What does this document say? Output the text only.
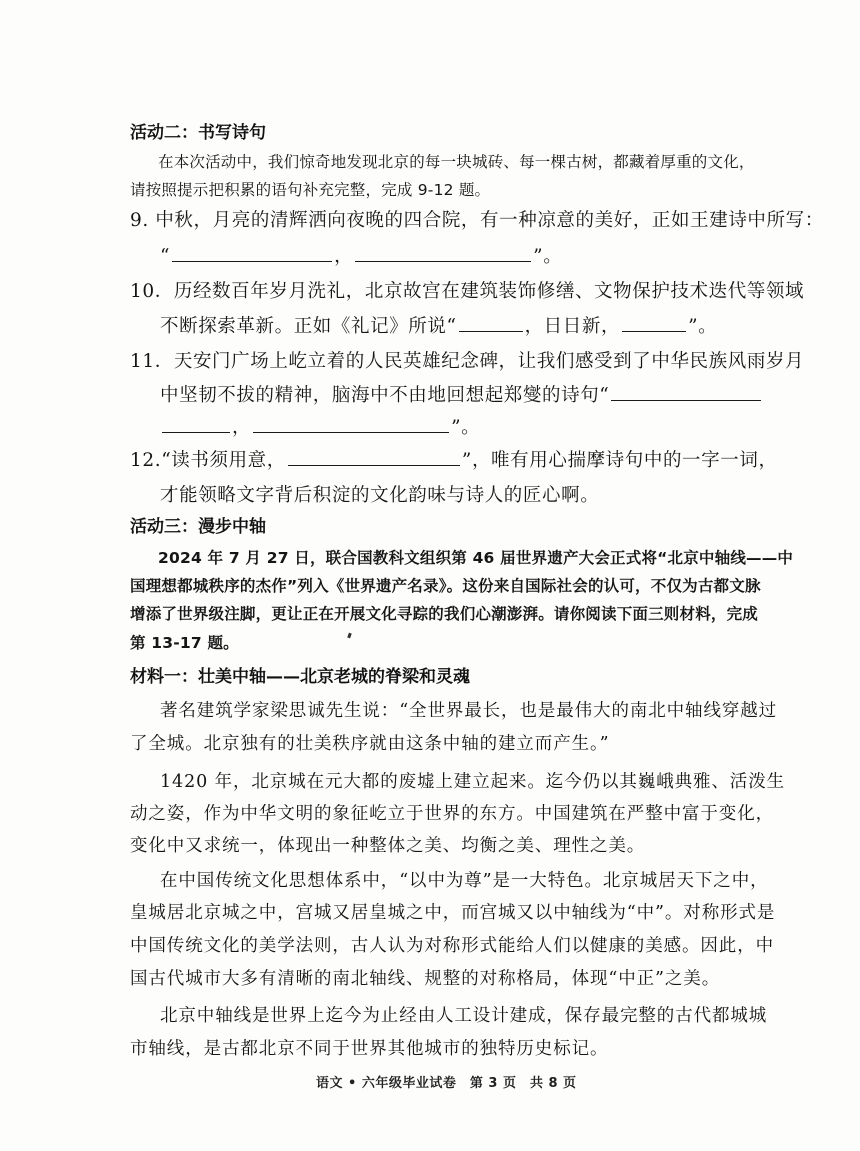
活动二：书写诗句
在本次活动中，我们惊奇地发现北京的每一块城砖、每一棵古树，都藏着厚重的文化，
请按照提示把积累的语句补充完整，完成 9-12 题。
9. 中秋，月亮的清辉洒向夜晚的四合院，有一种凉意的美好，正如王建诗中所写：
“	，	”。
10．历经数百年岁月洗礼，北京故宫在建筑装饰修缮、文物保护技术迭代等领域
不断探索革新。正如《礼记》所说“	，日日新，	”。
11．天安门广场上屹立着的人民英雄纪念碑，让我们感受到了中华民族风雨岁月
中坚韧不拔的精神，脑海中不由地回想起郑燮的诗句“
，	”。
12.“读书须用意，	”，唯有用心揣摩诗句中的一字一词，
才能领略文字背后积淀的文化韵味与诗人的匠心啊。
活动三：漫步中轴
2024 年 7 月 27 日，联合国教科文组织第 46 届世界遗产大会正式将“北京中轴线——中
国理想都城秩序的杰作”列入《世界遗产名录》。这份来自国际社会的认可，不仅为古都文脉
增添了世界级注脚，更让正在开展文化寻踪的我们心潮澎湃。请你阅读下面三则材料，完成
第 13-17 题。
材料一：壮美中轴——北京老城的脊梁和灵魂
著名建筑学家梁思诚先生说：“全世界最长，也是最伟大的南北中轴线穿越过
了全城。北京独有的壮美秩序就由这条中轴的建立而产生。”
1420 年，北京城在元大都的废墟上建立起来。迄今仍以其巍峨典雅、活泼生
动之姿，作为中华文明的象征屹立于世界的东方。中国建筑在严整中富于变化，
变化中又求统一，体现出一种整体之美、均衡之美、理性之美。
在中国传统文化思想体系中，“以中为尊”是一大特色。北京城居天下之中，
皇城居北京城之中，宫城又居皇城之中，而宫城又以中轴线为“中”。对称形式是
中国传统文化的美学法则，古人认为对称形式能给人们以健康的美感。因此，中
国古代城市大多有清晰的南北轴线、规整的对称格局，体现“中正”之美。
北京中轴线是世界上迄今为止经由人工设计建成，保存最完整的古代都城城
市轴线，是古都北京不同于世界其他城市的独特历史标记。
语文 • 六年级毕业试卷　第 3 页　共 8 页
